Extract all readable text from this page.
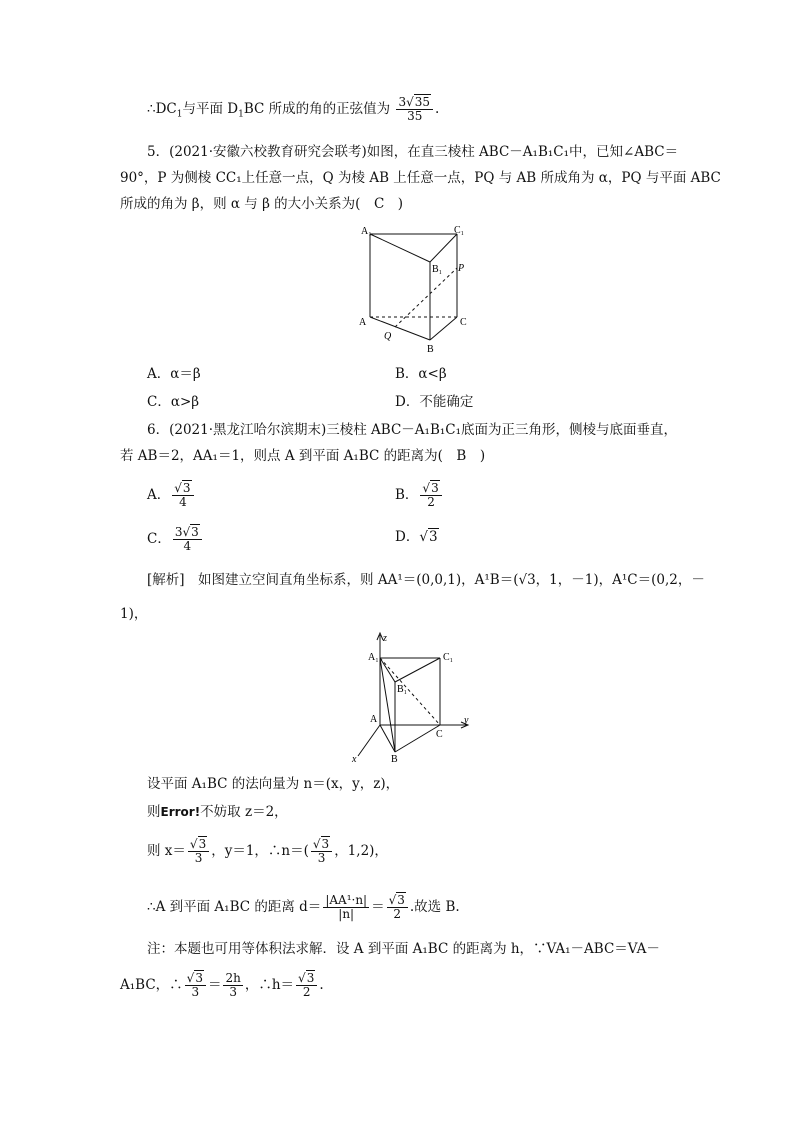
$\therefore DC_1$与平面 $D_1BC$ 所成的角的正弦值为 $\frac{3√35}{35}$ .
5．(2021·安徽六校教育研究会联考)如图，在直三棱柱 ABC－A₁B₁C₁中，已知∠ABC＝
90°，P 为侧棱 CC₁上任意一点，Q 为棱 AB 上任意一点，PQ 与 AB 所成角为 α，PQ 与平面 ABC
所成的角为 β，则 α 与 β 的大小关系为(　C　)
A₁	C₁
B₁ P
A	C
Q
B
A．α＝β	B．α<β
C．α>β	D．不能确定
6．(2021·黑龙江哈尔滨期末)三棱柱 ABC－A₁B₁C₁底面为正三角形，侧棱与底面垂直，
若 AB＝2，AA₁＝1，则点 A 到平面 A₁BC 的距离为(　B　)
A． $\frac{√3}{4}$	B． $\frac{√3}{2}$
C． $\frac{3√3}{4}$	D．√3
[解析]　如图建立空间直角坐标系，则 AA¹＝(0,0,1)，A¹B＝(√3，1，－1)，A¹C＝(0,2，－
1)，
z
A₁	C₁
B₁
A
C
y
B
x
设平面 A₁BC 的法向量为 n＝(x，y，z)，
则Error!不妨取 z＝2，
则 $x= \frac{√3}{3}$ ，y＝1，∴n＝( $\frac{√3}{3}$ ，1,2)，
∴A 到平面 A₁BC 的距离 $d= \frac{\text{|AA¹·n|}}{|n|} = \frac{√3}{2}$ .故选 B.
注：本题也可用等体积法求解．设 A 到平面 A₁BC 的距离为 h，∵VA₁－ABC＝VA－
A₁BC，∴ $\frac{√3}{3} = \frac{2h}{3}$ ，∴h＝ $\frac{√3}{2}$ .
